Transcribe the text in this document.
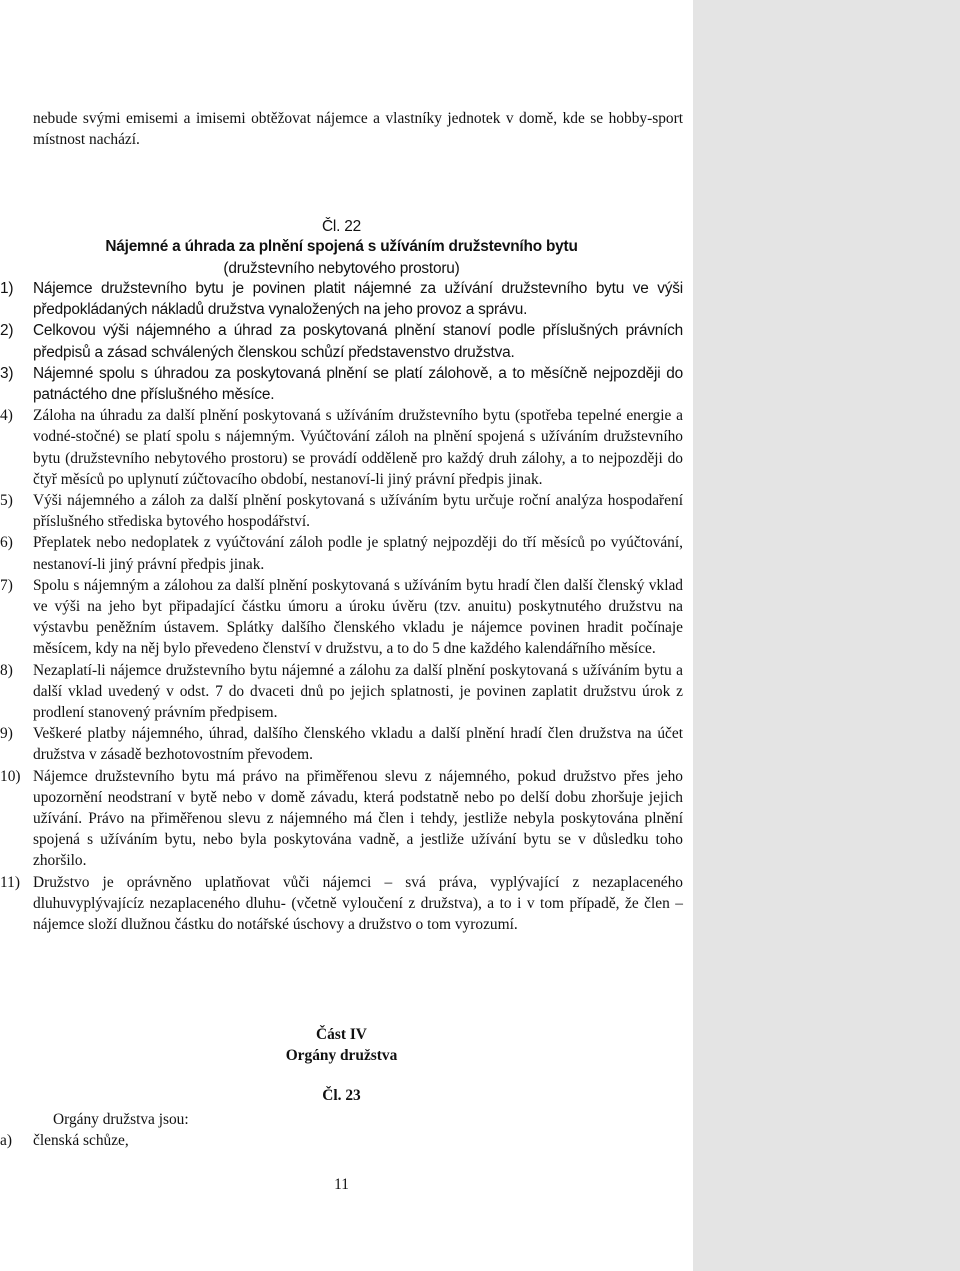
nebude svými emisemi a imisemi obtěžovat nájemce a vlastníky jednotek v domě, kde se hobby-sport místnost nachází.

Čl. 22

Nájemné a úhrada za plnění spojená s užíváním družstevního bytu

(družstevního nebytového prostoru)

1)	Nájemce družstevního bytu je povinen platit nájemné za užívání družstevního bytu ve výši předpokládaných nákladů družstva vynaložených na jeho provoz a správu.
2)	Celkovou výši nájemného a úhrad za poskytovaná plnění stanoví podle příslušných právních předpisů a zásad schválených členskou schůzí představenstvo družstva.
3)	Nájemné spolu s úhradou za poskytovaná plnění se platí zálohově, a to měsíčně nejpozději do patnáctého dne příslušného měsíce.
4)	Záloha na úhradu za další plnění poskytovaná s užíváním družstevního bytu (spotřeba tepelné energie a vodné-stočné) se platí spolu s nájemným. Vyúčtování záloh na plnění spojená s užíváním družstevního bytu (družstevního nebytového prostoru) se provádí odděleně pro každý druh zálohy, a to nejpozději do čtyř měsíců po uplynutí zúčtovacího období, nestanoví-li jiný právní předpis jinak.
5)	Výši nájemného a záloh za další plnění poskytovaná s užíváním bytu určuje roční analýza hospodaření příslušného střediska bytového hospodářství.
6)	Přeplatek nebo nedoplatek z vyúčtování záloh podle je splatný nejpozději do tří měsíců po vyúčtování, nestanoví-li jiný právní předpis jinak.
7)	Spolu s nájemným a zálohou za další plnění poskytovaná s užíváním bytu hradí člen další členský vklad ve výši na jeho byt připadající částku úmoru a úroku úvěru (tzv. anuitu) poskytnutého družstvu na výstavbu peněžním ústavem. Splátky dalšího členského vkladu je nájemce povinen hradit počínaje měsícem, kdy na něj bylo převedeno členství v družstvu, a to do 5 dne každého kalendářního měsíce.
8)	Nezaplatí-li nájemce družstevního bytu nájemné a zálohu za další plnění poskytovaná s užíváním bytu a další vklad uvedený v odst. 7 do dvaceti dnů po jejich splatnosti, je povinen zaplatit družstvu úrok z prodlení stanovený právním předpisem.
9)	Veškeré platby nájemného, úhrad, dalšího členského vkladu a další plnění hradí člen družstva na účet družstva v zásadě bezhotovostním převodem.
10) Nájemce družstevního bytu má právo na přiměřenou slevu z nájemného, pokud družstvo přes jeho upozornění neodstraní v bytě nebo v domě závadu, která podstatně nebo po delší dobu zhoršuje jejich užívání. Právo na přiměřenou slevu z nájemného má člen i tehdy, jestliže nebyla poskytována plnění spojená s užíváním bytu, nebo byla poskytována vadně, a jestliže užívání bytu se v důsledku toho zhoršilo.
11) Družstvo je oprávněno uplatňovat vůči nájemci – svá práva, vyplývající z nezaplaceného dluhuvyplývajícíz nezaplaceného dluhu- (včetně vyloučení z družstva), a to i v tom případě, že člen – nájemce složí dlužnou částku do notářské úschovy a družstvo o tom vyrozumí.

Část IV

Orgány družstva

Čl. 23

Orgány družstva jsou:

a) členská schůze,

11
